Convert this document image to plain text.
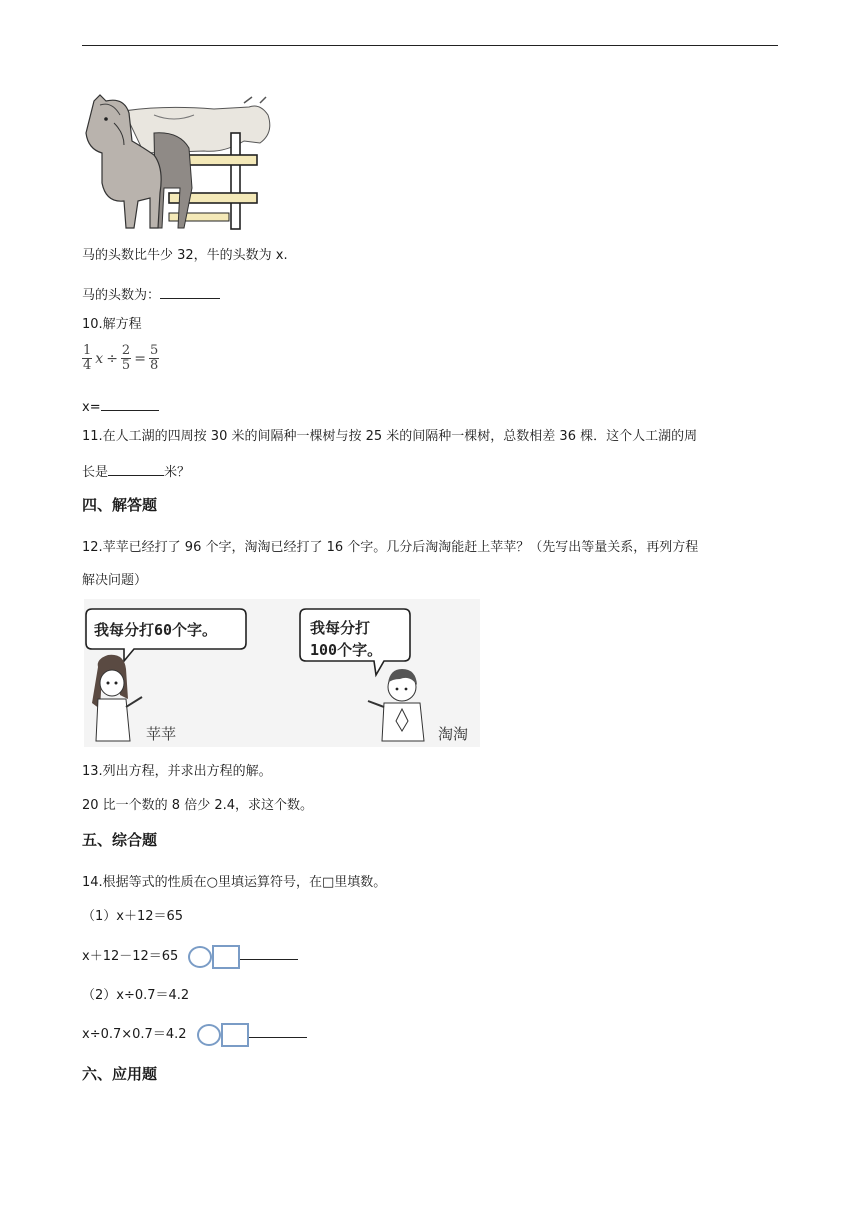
马的头数比牛少 32，牛的头数为 x.
马的头数为：
10.解方程
$\frac{1}{4}$ $x \div \frac{2}{5} = \frac{5}{8}$
x=
11.在人工湖的四周按 30 米的间隔种一棵树与按 25 米的间隔种一棵树，总数相差 36 棵．这个人工湖的周
长是	米？
四、解答题
12.苹苹已经打了 96 个字，淘淘已经打了 16 个字。几分后淘淘能赶上苹苹？（先写出等量关系，再列方程
解决问题）
我每分打60个字。	我每分打
100个字。
苹苹	淘淘
13.列出方程，并求出方程的解。
20 比一个数的 8 倍少 2.4，求这个数。
五、综合题
14.根据等式的性质在○里填运算符号，在□里填数。
（1）x＋12＝65
x＋12－12＝65
（2）x÷0.7＝4.2
x÷0.7×0.7＝4.2
六、应用题
